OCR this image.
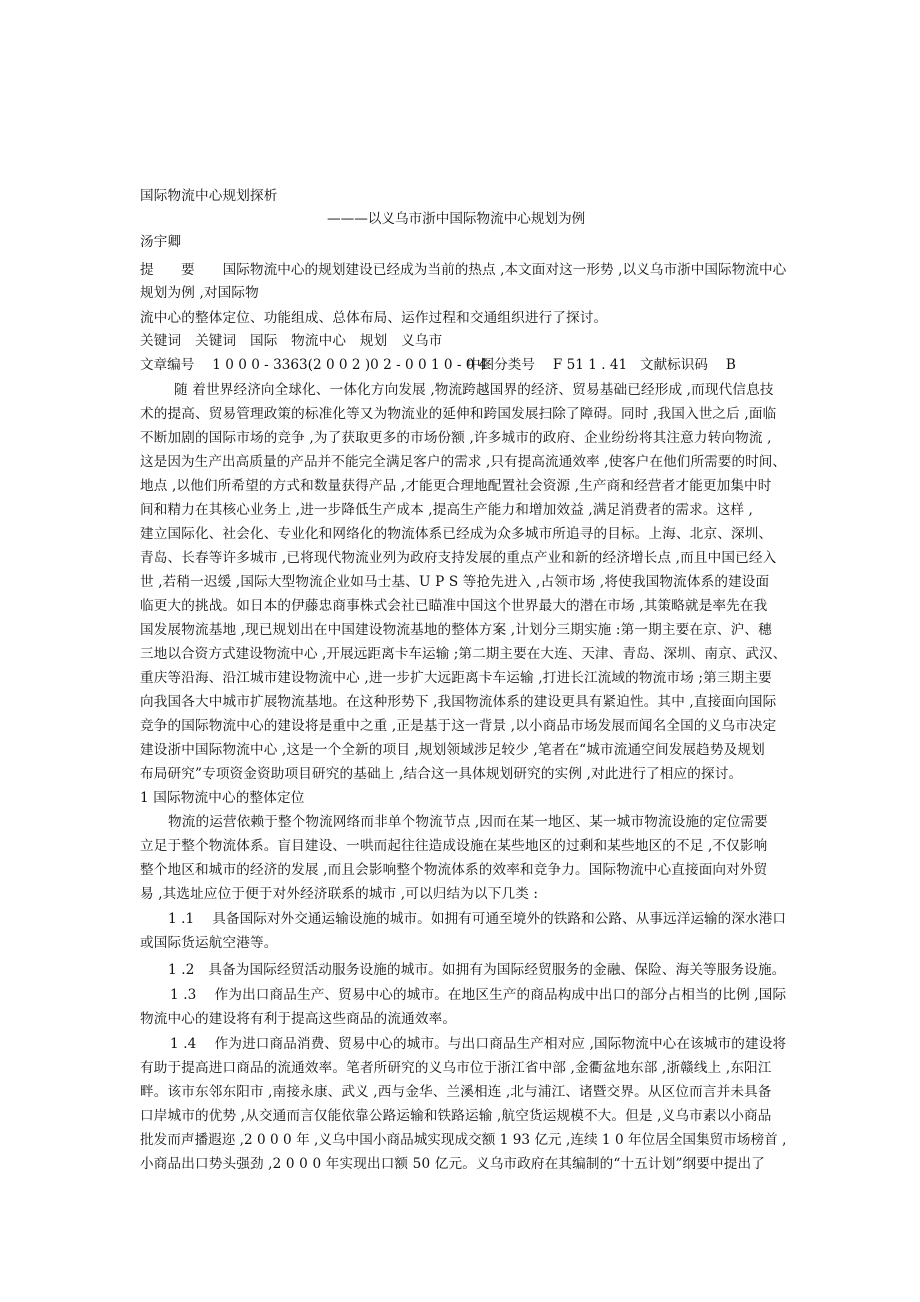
国际物流中心规划探析
———以义乌市浙中国际物流中心规划为例
汤宇卿
提　　要 国际物流中心的规划建设已经成为当前的热点 ,本文面对这一形势 ,以义乌市浙中国际物流中心
规划为例 ,对国际物
流中心的整体定位、功能组成、总体布局、运作过程和交通组织进行了探讨。
关键词　关键词　国际　物流中心　规划　义乌市
文章编号　 1 0 0 0 - 3363(2 0 0 2 )0 2 - 0 0 1 0 - 0 4
中图分类号　 F 51 1 . 41 文献标识码　 B
随 着世界经济向全球化、一体化方向发展 ,物流跨越国界的经济、贸易基础已经形成 ,而现代信息技
术的提高、贸易管理政策的标准化等又为物流业的延伸和跨国发展扫除了障碍。同时 ,我国入世之后 ,面临
不断加剧的国际市场的竞争 ,为了获取更多的市场份额 ,许多城市的政府、企业纷纷将其注意力转向物流 ,
这是因为生产出高质量的产品并不能完全满足客户的需求 ,只有提高流通效率 ,使客户在他们所需要的时间、
地点 ,以他们所希望的方式和数量获得产品 ,才能更合理地配置社会资源 ,生产商和经营者才能更加集中时
间和精力在其核心业务上 ,进一步降低生产成本 ,提高生产能力和增加效益 ,满足消费者的需求。这样 ,
建立国际化、社会化、专业化和网络化的物流体系已经成为众多城市所追寻的目标。上海、北京、深圳、
青岛、长春等许多城市 ,已将现代物流业列为政府支持发展的重点产业和新的经济增长点 ,而且中国已经入
世 ,若稍一迟缓 ,国际大型物流企业如马士基、U P S 等抢先进入 ,占领市场 ,将使我国物流体系的建设面
临更大的挑战。如日本的伊藤忠商事株式会社已瞄准中国这个世界最大的潜在市场 ,其策略就是率先在我
国发展物流基地 ,现已规划出在中国建设物流基地的整体方案 ,计划分三期实施 :第一期主要在京、沪、穗
三地以合资方式建设物流中心 ,开展远距离卡车运输 ;第二期主要在大连、天津、青岛、深圳、南京、武汉、
重庆等沿海、沿江城市建设物流中心 ,进一步扩大远距离卡车运输 ,打进长江流域的物流市场 ;第三期主要
向我国各大中城市扩展物流基地。在这种形势下 ,我国物流体系的建设更具有紧迫性。其中 ,直接面向国际
竞争的国际物流中心的建设将是重中之重 ,正是基于这一背景 ,以小商品市场发展而闻名全国的义乌市决定
建设浙中国际物流中心 ,这是一个全新的项目 ,规划领域涉足较少 ,笔者在“城市流通空间发展趋势及规划
布局研究”专项资金资助项目研究的基础上 ,结合这一具体规划研究的实例 ,对此进行了相应的探讨。
1 国际物流中心的整体定位
物流的运营依赖于整个物流网络而非单个物流节点 ,因而在某一地区、某一城市物流设施的定位需要
立足于整个物流体系。盲目建设、一哄而起往往造成设施在某些地区的过剩和某些地区的不足 ,不仅影响
整个地区和城市的经济的发展 ,而且会影响整个物流体系的效率和竞争力。国际物流中心直接面向对外贸
易 ,其选址应位于便于对外经济联系的城市 ,可以归结为以下几类 :
1 .1　 具备国际对外交通运输设施的城市。如拥有可通至境外的铁路和公路、从事远洋运输的深水港口
或国际货运航空港等。
1 .2　具备为国际经贸活动服务设施的城市。如拥有为国际经贸服务的金融、保险、海关等服务设施。
1 .3　 作为出口商品生产、贸易中心的城市。在地区生产的商品构成中出口的部分占相当的比例 ,国际
物流中心的建设将有利于提高这些商品的流通效率。
1 .4　 作为进口商品消费、贸易中心的城市。与出口商品生产相对应 ,国际物流中心在该城市的建设将
有助于提高进口商品的流通效率。笔者所研究的义乌市位于浙江省中部 ,金衢盆地东部 ,浙赣线上 ,东阳江
畔。该市东邻东阳市 ,南接永康、武义 ,西与金华、兰溪相连 ,北与浦江、诸暨交界。从区位而言并未具备
口岸城市的优势 ,从交通而言仅能依靠公路运输和铁路运输 ,航空货运规模不大。但是 ,义乌市素以小商品
批发而声播遐迩 ,2 0 0 0 年 ,义乌中国小商品城实现成交额 1 93 亿元 ,连续 1 0 年位居全国集贸市场榜首 ,
小商品出口势头强劲 ,2 0 0 0 年实现出口额 50 亿元。义乌市政府在其编制的“十五计划”纲要中提出了
